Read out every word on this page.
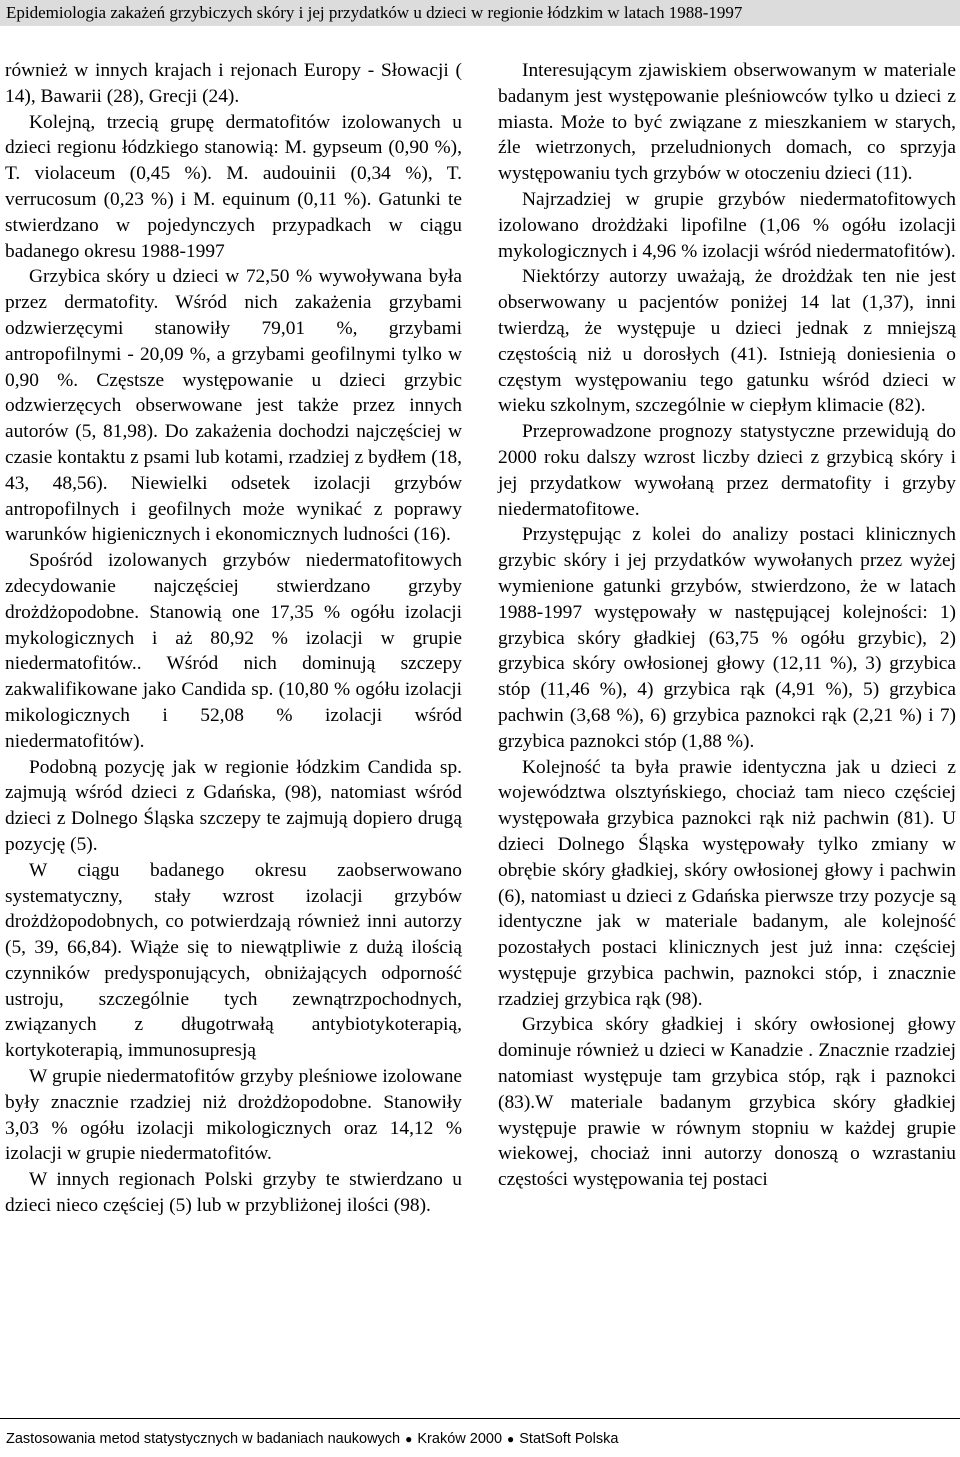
Epidemiologia zakażeń grzybiczych skóry i jej przydatków u dzieci w regionie łódzkim w latach 1988-1997

również w innych krajach i rejonach Europy - Słowacji ( 14), Bawarii (28), Grecji (24).

Kolejną, trzecią grupę dermatofitów izolowanych u dzieci regionu łódzkiego stanowią: M. gypseum (0,90 %), T. violaceum (0,45 %). M. audouinii (0,34 %), T. verrucosum (0,23 %) i M. equinum (0,11 %). Gatunki te stwierdzano w pojedynczych przypadkach w ciągu badanego okresu 1988-1997

Grzybica skóry u dzieci w 72,50 % wywoływana była przez dermatofity. Wśród nich zakażenia grzybami odzwierzęcymi stanowiły 79,01 %, grzybami antropofilnymi - 20,09 %, a grzybami geofilnymi tylko w 0,90 %. Częstsze występowanie u dzieci grzybic odzwierzęcych obserwowane jest także przez innych autorów (5, 81,98). Do zakażenia dochodzi najczęściej w czasie kontaktu z psami lub kotami, rzadziej z bydłem (18, 43, 48,56). Niewielki odsetek izolacji grzybów antropofilnych i geofilnych może wynikać z poprawy warunków higienicznych i ekonomicznych ludności (16).

Spośród izolowanych grzybów niedermatofitowych zdecydowanie najczęściej stwierdzano grzyby drożdżopodobne. Stanowią one 17,35 % ogółu izolacji mykologicznych i aż 80,92 % izolacji w grupie niedermatofitów.. Wśród nich dominują szczepy zakwalifikowane jako Candida sp. (10,80 % ogółu izolacji mikologicznych i 52,08 % izolacji wśród niedermatofitów).

Podobną pozycję jak w regionie łódzkim Candida sp. zajmują wśród dzieci z Gdańska, (98), natomiast wśród dzieci z Dolnego Śląska szczepy te zajmują dopiero drugą pozycję (5).

W ciągu badanego okresu zaobserwowano systematyczny, stały wzrost izolacji grzybów drożdżopodobnych, co potwierdzają również inni autorzy (5, 39, 66,84). Wiąże się to niewątpliwie z dużą ilością czynników predysponujących, obniżających odporność ustroju, szczególnie tych zewnątrzpochodnych, związanych z długotrwałą antybiotykoterapią, kortykoterapią, immunosupresją

W grupie niedermatofitów grzyby pleśniowe izolowane były znacznie rzadziej niż drożdżopodobne. Stanowiły 3,03 % ogółu izolacji mikologicznych oraz 14,12 % izolacji w grupie niedermatofitów.

W innych regionach Polski grzyby te stwierdzano u dzieci nieco częściej (5) lub w przybliżonej ilości (98).

Interesującym zjawiskiem obserwowanym w materiale badanym jest występowanie pleśniowców tylko u dzieci z miasta. Może to być związane z mieszkaniem w starych, źle wietrzonych, przeludnionych domach, co sprzyja występowaniu tych grzybów w otoczeniu dzieci (11).

Najrzadziej w grupie grzybów niedermatofitowych izolowano drożdżaki lipofilne (1,06 % ogółu izolacji mykologicznych i 4,96 % izolacji wśród niedermatofitów).

Niektórzy autorzy uważają, że drożdżak ten nie jest obserwowany u pacjentów poniżej 14 lat (1,37), inni twierdzą, że występuje u dzieci jednak z mniejszą częstością niż u dorosłych (41). Istnieją doniesienia o częstym występowaniu tego gatunku wśród dzieci w wieku szkolnym, szczególnie w ciepłym klimacie (82).

Przeprowadzone prognozy statystyczne przewidują do 2000 roku dalszy wzrost liczby dzieci z grzybicą skóry i jej przydatkow wywołaną przez dermatofity i grzyby niedermatofitowe.

Przystępując z kolei do analizy postaci klinicznych grzybic skóry i jej przydatków wywołanych przez wyżej wymienione gatunki grzybów, stwierdzono, że w latach 1988-1997 występowały w następującej kolejności: 1) grzybica skóry gładkiej (63,75 % ogółu grzybic), 2) grzybica skóry owłosionej głowy (12,11 %), 3) grzybica stóp (11,46 %), 4) grzybica rąk (4,91 %), 5) grzybica pachwin (3,68 %), 6) grzybica paznokci rąk (2,21 %) i 7) grzybica paznokci stóp (1,88 %).

Kolejność ta była prawie identyczna jak u dzieci z województwa olsztyńskiego, chociaż tam nieco częściej występowała grzybica paznokci rąk niż pachwin (81). U dzieci Dolnego Śląska występowały tylko zmiany w obrębie skóry gładkiej, skóry owłosionej głowy i pachwin (6), natomiast u dzieci z Gdańska pierwsze trzy pozycje są identyczne jak w materiale badanym, ale kolejność pozostałych postaci klinicznych jest już inna: częściej występuje grzybica pachwin, paznokci stóp, i znacznie rzadziej grzybica rąk (98).

Grzybica skóry gładkiej i skóry owłosionej głowy dominuje również u dzieci w Kanadzie . Znacznie rzadziej natomiast występuje tam grzybica stóp, rąk i paznokci (83).W materiale badanym grzybica skóry gładkiej występuje prawie w równym stopniu w każdej grupie wiekowej, chociaż inni autorzy donoszą o wzrastaniu częstości występowania tej postaci

Zastosowania metod statystycznych w badaniach naukowych ● Kraków 2000 ● StatSoft Polska
